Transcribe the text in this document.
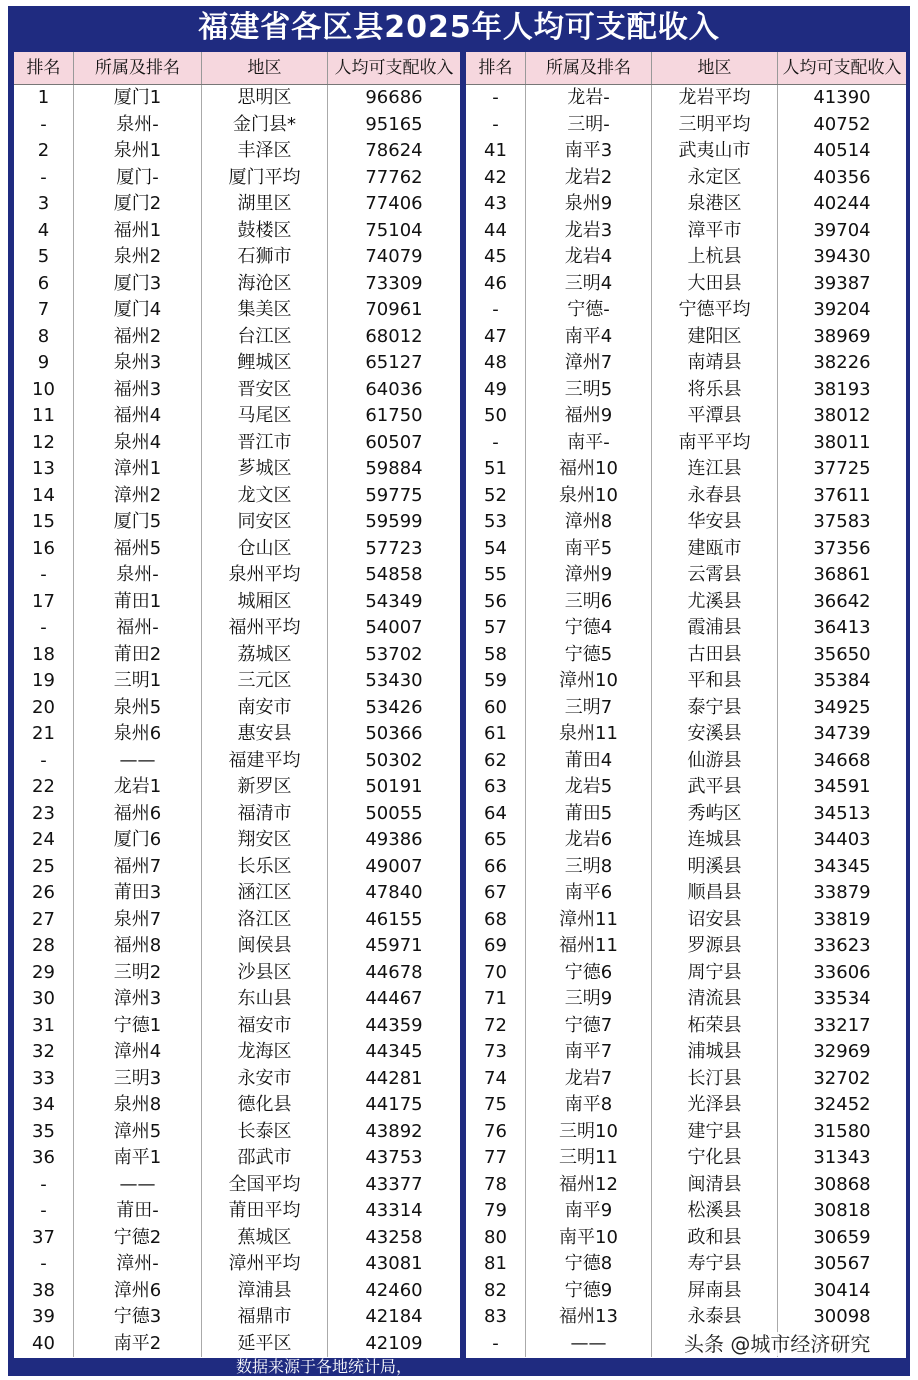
福建省各区县2025年人均可支配收入
排名	所属及排名	地区	人均可支配收入
1	厦门1	思明区	96686
-	泉州-	金门县*	95165
2	泉州1	丰泽区	78624
-	厦门-	厦门平均	77762
3	厦门2	湖里区	77406
4	福州1	鼓楼区	75104
5	泉州2	石狮市	74079
6	厦门3	海沧区	73309
7	厦门4	集美区	70961
8	福州2	台江区	68012
9	泉州3	鲤城区	65127
10	福州3	晋安区	64036
11	福州4	马尾区	61750
12	泉州4	晋江市	60507
13	漳州1	芗城区	59884
14	漳州2	龙文区	59775
15	厦门5	同安区	59599
16	福州5	仓山区	57723
-	泉州-	泉州平均	54858
17	莆田1	城厢区	54349
-	福州-	福州平均	54007
18	莆田2	荔城区	53702
19	三明1	三元区	53430
20	泉州5	南安市	53426
21	泉州6	惠安县	50366
-	——	福建平均	50302
22	龙岩1	新罗区	50191
23	福州6	福清市	50055
24	厦门6	翔安区	49386
25	福州7	长乐区	49007
26	莆田3	涵江区	47840
27	泉州7	洛江区	46155
28	福州8	闽侯县	45971
29	三明2	沙县区	44678
30	漳州3	东山县	44467
31	宁德1	福安市	44359
32	漳州4	龙海区	44345
33	三明3	永安市	44281
34	泉州8	德化县	44175
35	漳州5	长泰区	43892
36	南平1	邵武市	43753
-	——	全国平均	43377
-	莆田-	莆田平均	43314
37	宁德2	蕉城区	43258
-	漳州-	漳州平均	43081
38	漳州6	漳浦县	42460
39	宁德3	福鼎市	42184
40	南平2	延平区	42109
排名	所属及排名	地区	人均可支配收入
-	龙岩-	龙岩平均	41390
-	三明-	三明平均	40752
41	南平3	武夷山市	40514
42	龙岩2	永定区	40356
43	泉州9	泉港区	40244
44	龙岩3	漳平市	39704
45	龙岩4	上杭县	39430
46	三明4	大田县	39387
-	宁德-	宁德平均	39204
47	南平4	建阳区	38969
48	漳州7	南靖县	38226
49	三明5	将乐县	38193
50	福州9	平潭县	38012
-	南平-	南平平均	38011
51	福州10	连江县	37725
52	泉州10	永春县	37611
53	漳州8	华安县	37583
54	南平5	建瓯市	37356
55	漳州9	云霄县	36861
56	三明6	尤溪县	36642
57	宁德4	霞浦县	36413
58	宁德5	古田县	35650
59	漳州10	平和县	35384
60	三明7	泰宁县	34925
61	泉州11	安溪县	34739
62	莆田4	仙游县	34668
63	龙岩5	武平县	34591
64	莆田5	秀屿区	34513
65	龙岩6	连城县	34403
66	三明8	明溪县	34345
67	南平6	顺昌县	33879
68	漳州11	诏安县	33819
69	福州11	罗源县	33623
70	宁德6	周宁县	33606
71	三明9	清流县	33534
72	宁德7	柘荣县	33217
73	南平7	浦城县	32969
74	龙岩7	长汀县	32702
75	南平8	光泽县	32452
76	三明10	建宁县	31580
77	三明11	宁化县	31343
78	福州12	闽清县	30868
79	南平9	松溪县	30818
80	南平10	政和县	30659
81	宁德8	寿宁县	30567
82	宁德9	屏南县	30414
83	福州13	永泰县	30098
-	——
数据来源于各地统计局，
头条 @城市经济研究
